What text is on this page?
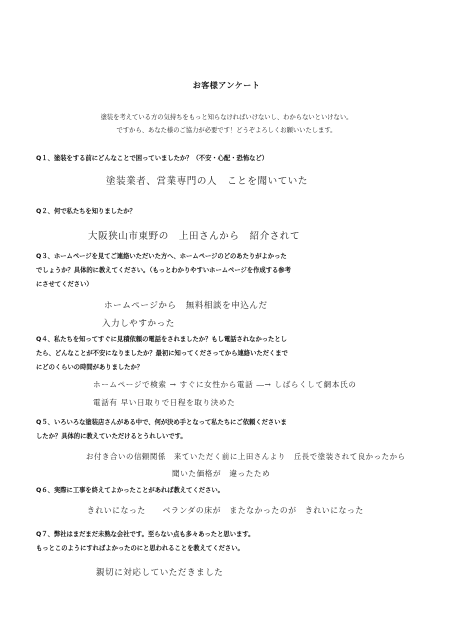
お客様アンケート
塗装を考えている方の気持ちをもっと知らなければいけないし、わからないといけない。
ですから、あなた様のご協力が必要です！どうぞよろしくお願いいたします。
Q１、塗装をする前にどんなことで困っていましたか？（不安・心配・恐怖など）
塗装業者、営業専門の人　ことを聞いていた
Q２、何で私たちを知りましたか？
大阪狭山市東野の　上田さんから　紹介されて
Q３、ホームページを見てご連絡いただいた方へ、ホームページのどのあたりがよかった
でしょうか？具体的に教えてください。（もっとわかりやすいホームページを作成する参考
にさせてください）
ホームページから　無料相談を申込んだ
入力しやすかった
Q４、私たちを知ってすぐに見積依頼の電話をされましたか？もし電話されなかったとし
たら、どんなことが不安になりましたか？最初に知ってくださってから連絡いただくまで
にどのくらいの時間がありましたか？
ホームページで検索 → すぐに女性から電話 ―→ しばらくして網本氏の
電話有 早い日取りで日程を取り決めた
Q５、いろいろな塗装店さんがある中で、何が決め手となって私たちにご依頼くださいま
したか？具体的に教えていただけるとうれしいです。
お付き合いの信頼関係　来ていただく前に上田さんより　丘長で塗装されて良かったから
聞いた価格が　違ったため
Q６、実際に工事を終えてよかったことがあれば教えてください。
きれいになった　　ベランダの床が　またなかったのが　きれいになった
Q７、弊社はまだまだ未熟な会社です。至らない点も多々あったと思います。
もっとこのようにすればよかったのにと思われることを教えてください。
親切に対応していただきました
